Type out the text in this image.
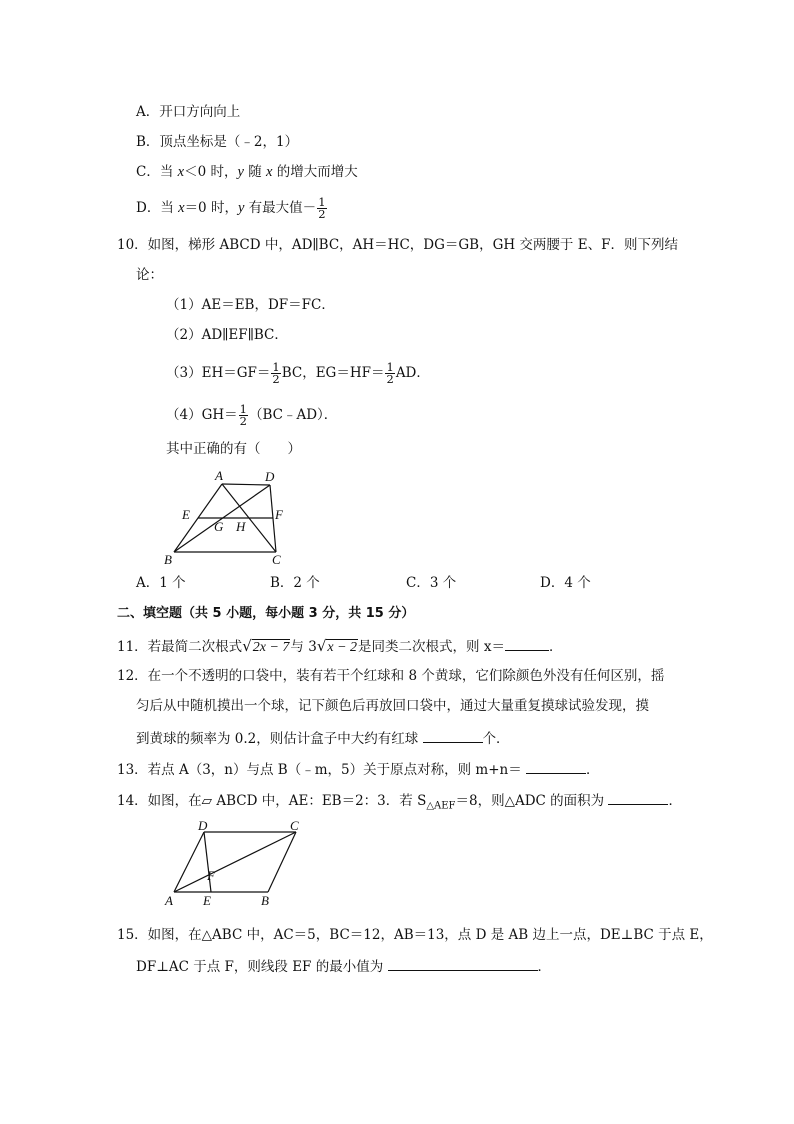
A．开口方向向上
B．顶点坐标是（﹣2，1）
C．当 x＜0 时，y 随 x 的增大而增大
D．当 x＝0 时，y 有最大值－ $\frac{1}{2}$
10．如图，梯形 ABCD 中，AD∥BC，AH＝HC，DG＝GB，GH 交两腰于 E、F．则下列结
论：
（1）AE＝EB，DF＝FC．
（2）AD∥EF∥BC．
$(3)EH=GF= \frac{1}{2}$ BC，$EG=HF= \frac{1}{2}$ AD．
$(4)GH= \frac{1}{2}$ （BC﹣AD）．
其中正确的有（　　）
A	D
E	F
G H
B	C
A．1 个	B．2 个	C．3 个	D．4 个
二、填空题（共 5 小题，每小题 3 分，共 15 分）
11．若最简二次根式√2x − 7与 3√x − 2是同类二次根式，则 x＝	．
12．在一个不透明的口袋中，装有若干个红球和 8 个黄球，它们除颜色外没有任何区别，摇
匀后从中随机摸出一个球，记下颜色后再放回口袋中，通过大量重复摸球试验发现，摸
到黄球的频率为 0.2，则估计盒子中大约有红球	个．
13．若点 A（3，n）与点 B（﹣m，5）关于原点对称，则 m+n＝	．
14．如图，在▱ ABCD 中，AE：EB＝2：3．若 $S_{\triangle AEF}=8$，则△ADC 的面积为	．
D	C
F
A E	B
15．如图，在△ABC 中，AC＝5，BC＝12，AB＝13，点 D 是 AB 边上一点，DE⊥BC 于点 E，
DF⊥AC 于点 F，则线段 EF 的最小值为	．
